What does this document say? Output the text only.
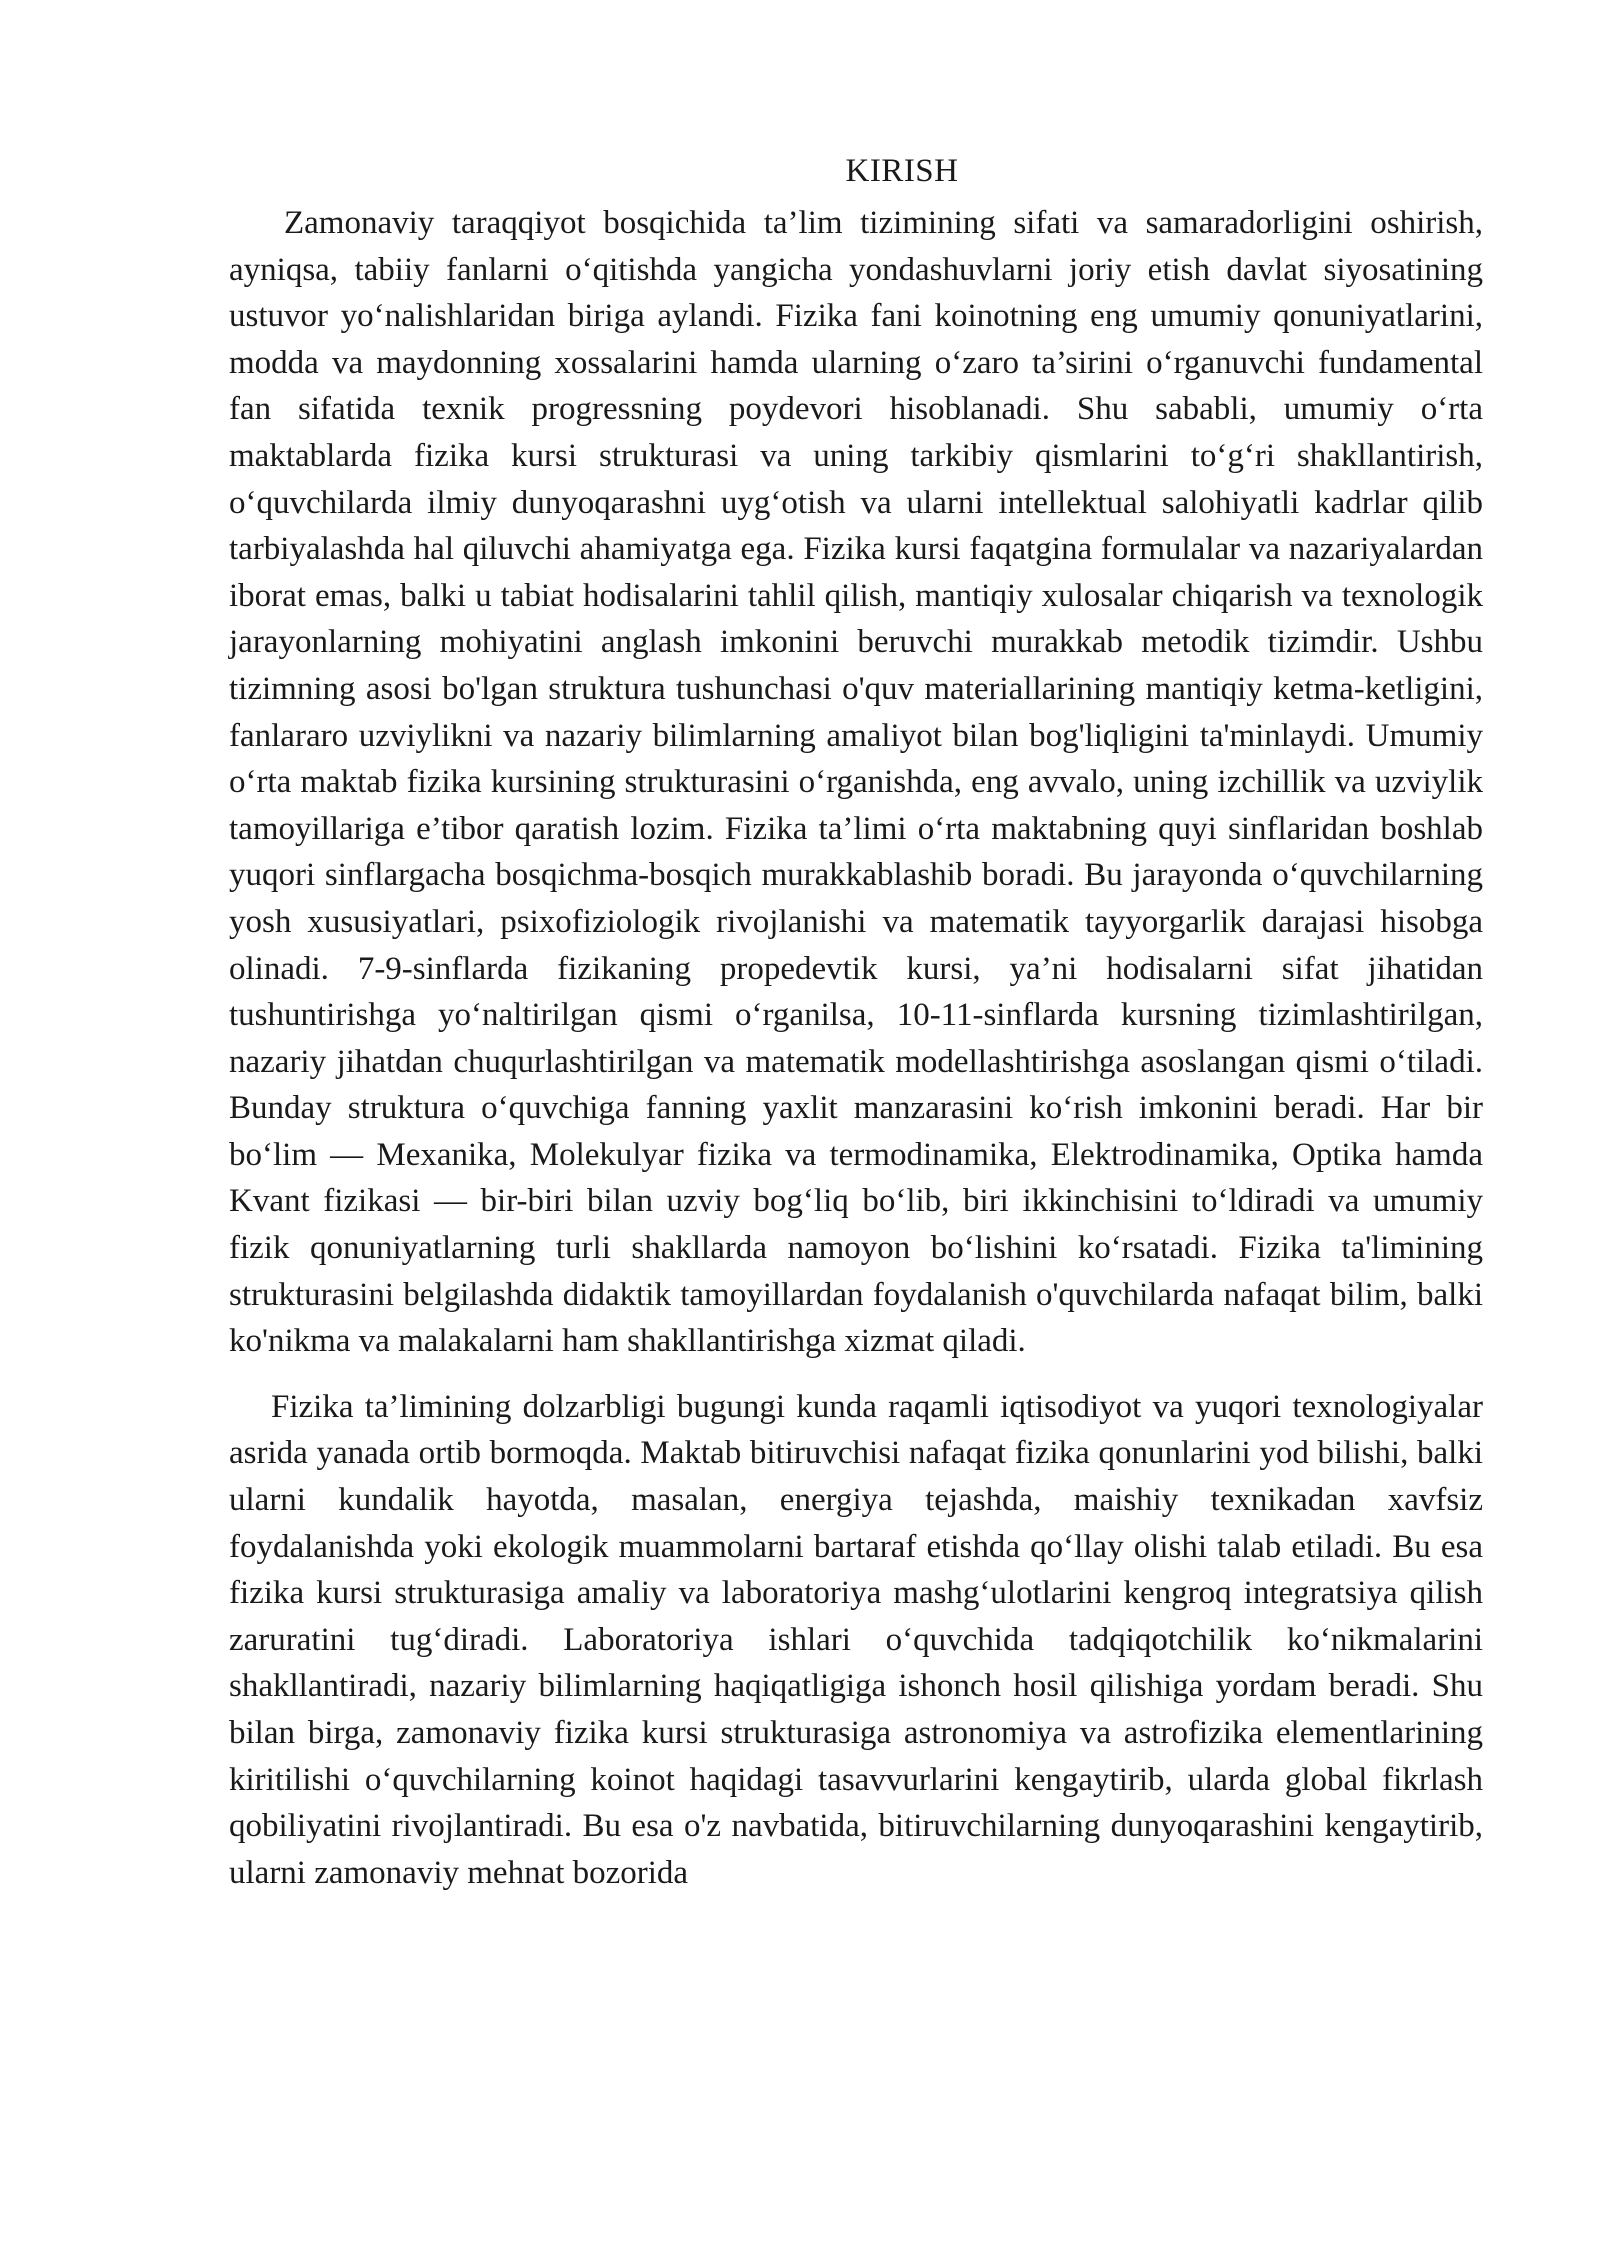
KIRISH

Zamonaviy taraqqiyot bosqichida ta’lim tizimining sifati va samaradorligini oshirish, ayniqsa, tabiiy fanlarni o‘qitishda yangicha yondashuvlarni joriy etish davlat siyosatining ustuvor yo‘nalishlaridan biriga aylandi. Fizika fani koinotning eng umumiy qonuniyatlarini, modda va maydonning xossalarini hamda ularning o‘zaro ta’sirini o‘rganuvchi fundamental fan sifatida texnik progressning poydevori hisoblanadi. Shu sababli, umumiy o‘rta maktablarda fizika kursi strukturasi va uning tarkibiy qismlarini to‘g‘ri shakllantirish, o‘quvchilarda ilmiy dunyoqarashni uyg‘otish va ularni intellektual salohiyatli kadrlar qilib tarbiyalashda hal qiluvchi ahamiyatga ega. Fizika kursi faqatgina formulalar va nazariyalardan iborat emas, balki u tabiat hodisalarini tahlil qilish, mantiqiy xulosalar chiqarish va texnologik jarayonlarning mohiyatini anglash imkonini beruvchi murakkab metodik tizimdir. Ushbu tizimning asosi bo'lgan struktura tushunchasi o'quv materiallarining mantiqiy ketma-ketligini, fanlararo uzviylikni va nazariy bilimlarning amaliyot bilan bog'liqligini ta'minlaydi. Umumiy o‘rta maktab fizika kursining strukturasini o‘rganishda, eng avvalo, uning izchillik va uzviylik tamoyillariga e’tibor qaratish lozim. Fizika ta’limi o‘rta maktabning quyi sinflaridan boshlab yuqori sinflargacha bosqichma-bosqich murakkablashib boradi. Bu jarayonda o‘quvchilarning yosh xususiyatlari, psixofiziologik rivojlanishi va matematik tayyorgarlik darajasi hisobga olinadi. 7-9-sinflarda fizikaning propedevtik kursi, ya’ni hodisalarni sifat jihatidan tushuntirishga yo‘naltirilgan qismi o‘rganilsa, 10-11-sinflarda kursning tizimlashtirilgan, nazariy jihatdan chuqurlashtirilgan va matematik modellashtirishga asoslangan qismi o‘tiladi. Bunday struktura o‘quvchiga fanning yaxlit manzarasini ko‘rish imkonini beradi. Har bir bo‘lim — Mexanika, Molekulyar fizika va termodinamika, Elektrodinamika, Optika hamda Kvant fizikasi — bir-biri bilan uzviy bog‘liq bo‘lib, biri ikkinchisini to‘ldiradi va umumiy fizik qonuniyatlarning turli shakllarda namoyon bo‘lishini ko‘rsatadi. Fizika ta'limining strukturasini belgilashda didaktik tamoyillardan foydalanish o'quvchilarda nafaqat bilim, balki ko'nikma va malakalarni ham shakllantirishga xizmat qiladi.

Fizika ta’limining dolzarbligi bugungi kunda raqamli iqtisodiyot va yuqori texnologiyalar asrida yanada ortib bormoqda. Maktab bitiruvchisi nafaqat fizika qonunlarini yod bilishi, balki ularni kundalik hayotda, masalan, energiya tejashda, maishiy texnikadan xavfsiz foydalanishda yoki ekologik muammolarni bartaraf etishda qo‘llay olishi talab etiladi. Bu esa fizika kursi strukturasiga amaliy va laboratoriya mashg‘ulotlarini kengroq integratsiya qilish zaruratini tug‘diradi. Laboratoriya ishlari o‘quvchida tadqiqotchilik ko‘nikmalarini shakllantiradi, nazariy bilimlarning haqiqatligiga ishonch hosil qilishiga yordam beradi. Shu bilan birga, zamonaviy fizika kursi strukturasiga astronomiya va astrofizika elementlarining kiritilishi o‘quvchilarning koinot haqidagi tasavvurlarini kengaytirib, ularda global fikrlash qobiliyatini rivojlantiradi. Bu esa o'z navbatida, bitiruvchilarning dunyoqarashini kengaytirib, ularni zamonaviy mehnat bozorida
